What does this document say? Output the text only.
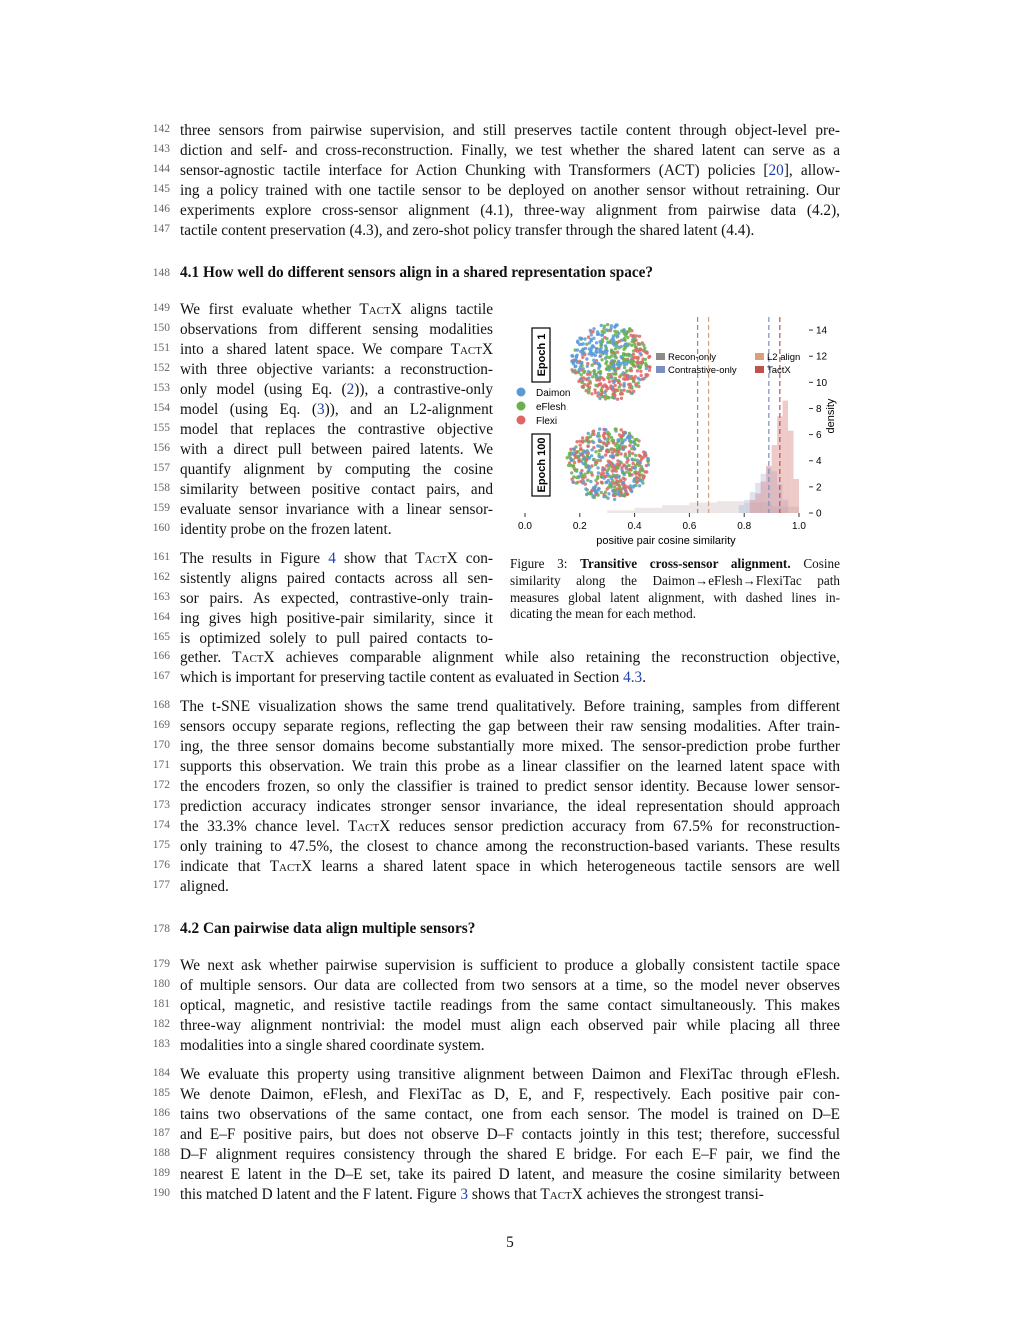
142 three sensors from pairwise supervision, and still preserves tactile content through object-level pre-
143 diction and self- and cross-reconstruction. Finally, we test whether the shared latent can serve as a
144 sensor-agnostic tactile interface for Action Chunking with Transformers (ACT) policies [20], allow-
145 ing a policy trained with one tactile sensor to be deployed on another sensor without retraining. Our
146 experiments explore cross-sensor alignment (4.1), three-way alignment from pairwise data (4.2),
147 tactile content preservation (4.3), and zero-shot policy transfer through the shared latent (4.4).
148 4.1 How well do different sensors align in a shared representation space?
149 We first evaluate whether TactX aligns tactile
150 observations from different sensing modalities
151 into a shared latent space. We compare TactX
152 with three objective variants: a reconstruction-
153 only model (using Eq. (2)), a contrastive-only
154 model (using Eq. (3)), and an L2-alignment
155 model that replaces the contrastive objective
156 with a direct pull between paired latents. We
157 quantify alignment by computing the cosine
158 similarity between positive contact pairs, and
159 evaluate sensor invariance with a linear sensor-
160 identity probe on the frozen latent.
161 The results in Figure 4 show that TactX con-
162 sistently aligns paired contacts across all sen-
163 sor pairs. As expected, contrastive-only train-
164 ing gives high positive-pair similarity, since it
165 is optimized solely to pull paired contacts to-
166 gether. TactX achieves comparable alignment while also retaining the reconstruction objective,
167 which is important for preserving tactile content as evaluated in Section 4.3.
168 The t-SNE visualization shows the same trend qualitatively. Before training, samples from different
169 sensors occupy separate regions, reflecting the gap between their raw sensing modalities. After train-
170 ing, the three sensor domains become substantially more mixed. The sensor-prediction probe further
171 supports this observation. We train this probe as a linear classifier on the learned latent space with
172 the encoders frozen, so only the classifier is trained to predict sensor identity. Because lower sensor-
173 prediction accuracy indicates stronger sensor invariance, the ideal representation should approach
174 the 33.3% chance level. TactX reduces sensor prediction accuracy from 67.5% for reconstruction-
175 only training to 47.5%, the closest to chance among the reconstruction-based variants. These results
176 indicate that TactX learns a shared latent space in which heterogeneous tactile sensors are well
177 aligned.
178 4.2 Can pairwise data align multiple sensors?
179 We next ask whether pairwise supervision is sufficient to produce a globally consistent tactile space
180 of multiple sensors. Our data are collected from two sensors at a time, so the model never observes
181 optical, magnetic, and resistive tactile readings from the same contact simultaneously. This makes
182 three-way alignment nontrivial: the model must align each observed pair while placing all three
183 modalities into a single shared coordinate system.
184 We evaluate this property using transitive alignment between Daimon and FlexiTac through eFlesh.
185 We denote Daimon, eFlesh, and FlexiTac as D, E, and F, respectively. Each positive pair con-
186 tains two observations of the same contact, one from each sensor. The model is trained on D–E
187 and E–F positive pairs, but does not observe D–F contacts jointly in this test; therefore, successful
188 D–F alignment requires consistency through the shared E bridge. For each E–F pair, we find the
189 nearest E latent in the D–E set, take its paired D latent, and measure the cosine similarity between
190 this matched D latent and the F latent. Figure 3 shows that TactX achieves the strongest transi-
Epoch 1
Epoch 100
Daimon
eFlesh
Flexi
Recon-only	L2 align
Contrastive-only	TactX
0.0	0.2	0.4	0.6	0.8	1.0
0
2
4
6
8
10
12
14
positive pair cosine similarity
density
Figure 3: Transitive cross-sensor alignment. Cosine
similarity along the Daimon→eFlesh→FlexiTac path
measures global latent alignment, with dashed lines in-
dicating the mean for each method.
5
